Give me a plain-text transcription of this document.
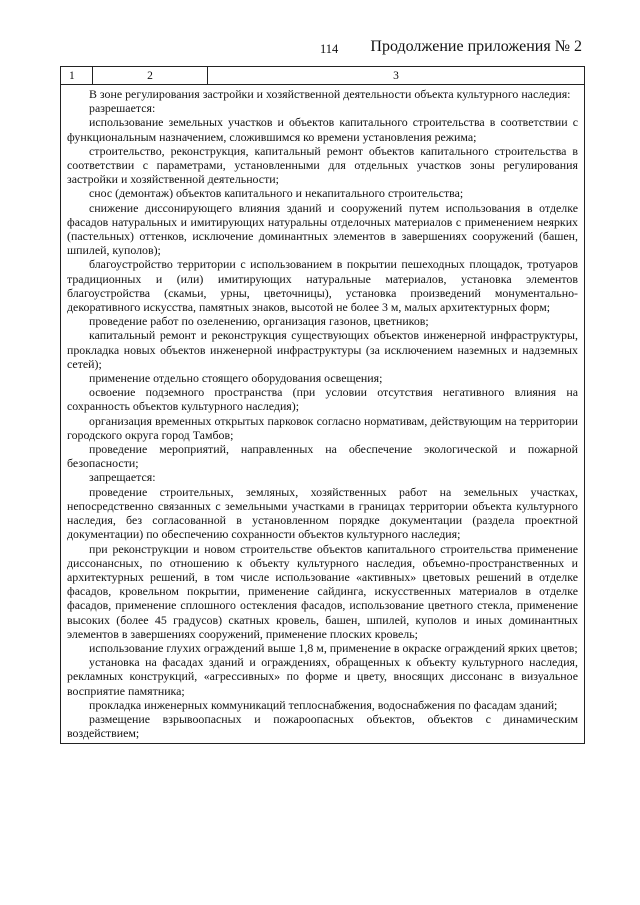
114 Продолжение приложения № 2
1	2	3

В зоне регулирования застройки и хозяйственной деятельности объекта культурного наследия:

разрешается:

использование земельных участков и объектов капитального строительства в соответствии с функциональным назначением, сложившимся ко времени установления режима;

строительство, реконструкция, капитальный ремонт объектов капитального строительства в соответствии с параметрами, установленными для отдельных участков зоны регулирования застройки и хозяйственной деятельности;

снос (демонтаж) объектов капитального и некапитального строительства;

снижение диссонирующего влияния зданий и сооружений путем использования в отделке фасадов натуральных и имитирующих натуральны отделочных материалов с применением неярких (пастельных) оттенков, исключение доминантных элементов в завершениях сооружений (башен, шпилей, куполов);

благоустройство территории с использованием в покрытии пешеходных площадок, тротуаров традиционных и (или) имитирующих натуральные материалов, установка элементов благоустройства (скамьи, урны, цветочницы), установка произведений монументально-декоративного искусства, памятных знаков, высотой не более 3 м, малых архитектурных форм;

проведение работ по озеленению, организация газонов, цветников;

капитальный ремонт и реконструкция существующих объектов инженерной инфраструктуры, прокладка новых объектов инженерной инфраструктуры (за исключением наземных и надземных сетей);

применение отдельно стоящего оборудования освещения;

освоение подземного пространства (при условии отсутствия негативного влияния на сохранность объектов культурного наследия);

организация временных открытых парковок согласно нормативам, действующим на территории городского округа город Тамбов;

проведение мероприятий, направленных на обеспечение экологической и пожарной безопасности;

запрещается:

проведение строительных, земляных, хозяйственных работ на земельных участках, непосредственно связанных с земельными участками в границах территории объекта культурного наследия, без согласованной в установленном порядке документации (раздела проектной документации) по обеспечению сохранности объектов культурного наследия;

при реконструкции и новом строительстве объектов капитального строительства применение диссонансных, по отношению к объекту культурного наследия, объемно-пространственных и архитектурных решений, в том числе использование «активных» цветовых решений в отделке фасадов, кровельном покрытии, применение сайдинга, искусственных материалов в отделке фасадов, применение сплошного остекления фасадов, использование цветного стекла, применение высоких (более 45 градусов) скатных кровель, башен, шпилей, куполов и иных доминантных элементов в завершениях сооружений, применение плоских кровель;

использование глухих ограждений выше 1,8 м, применение в окраске ограждений ярких цветов;

установка на фасадах зданий и ограждениях, обращенных к объекту культурного наследия, рекламных конструкций, «агрессивных» по форме и цвету, вносящих диссонанс в визуальное восприятие памятника;

прокладка инженерных коммуникаций теплоснабжения, водоснабжения по фасадам зданий;

размещение взрывоопасных и пожароопасных объектов, объектов с динамическим воздействием;
